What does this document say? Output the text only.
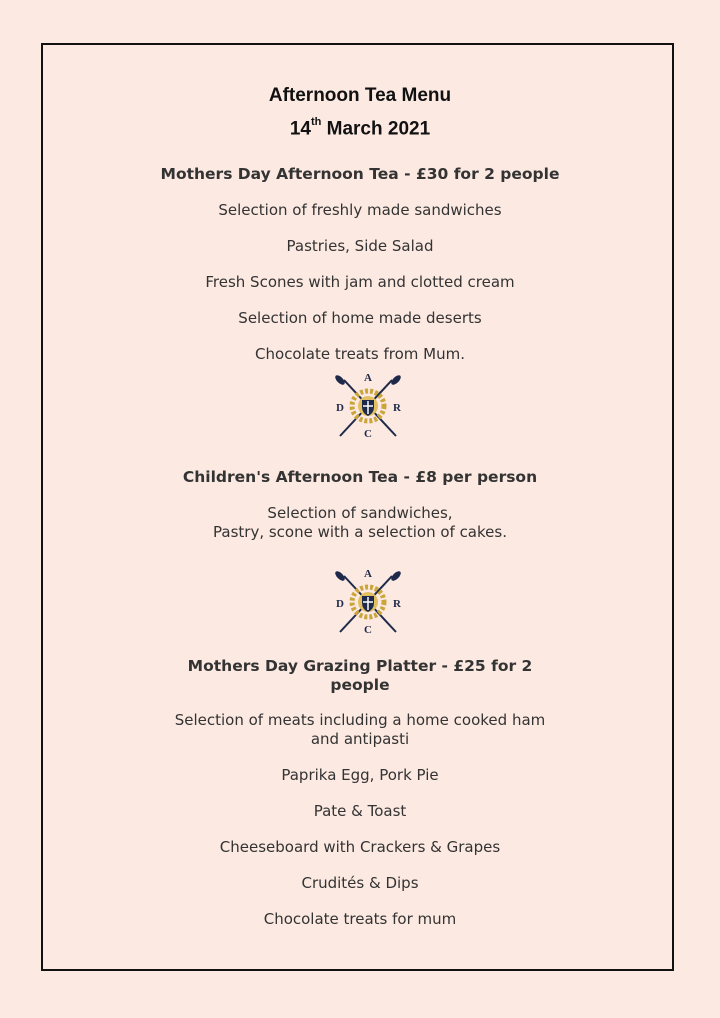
Afternoon Tea Menu
14th March 2021
Mothers Day Afternoon Tea - £30 for 2 people
Selection of freshly made sandwiches
Pastries, Side Salad
Fresh Scones with jam and clotted cream
Selection of home made deserts
Chocolate treats from Mum.
A
D	R
C
Children's Afternoon Tea - £8 per person
Selection of sandwiches,
Pastry, scone with a selection of cakes.
A
D	R
C
Mothers Day Grazing Platter - £25 for 2
people
Selection of meats including a home cooked ham
and antipasti
Paprika Egg, Pork Pie
Pate & Toast
Cheeseboard with Crackers & Grapes
Crudités & Dips
Chocolate treats for mum
